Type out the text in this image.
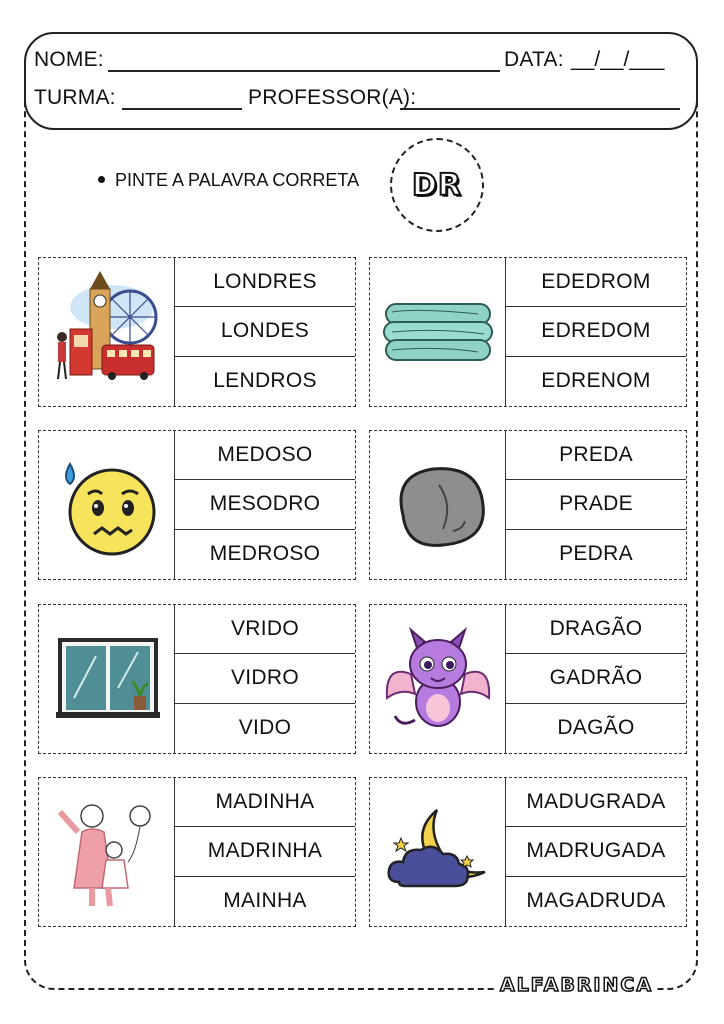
NOME:	DATA: __/__/___
TURMA:	PROFESSOR(A):
PINTE A PALAVRA CORRETA DR
LONDRES
LONDES
LENDROS
EDEDROM
EDREDOM
EDRENOM
MEDOSO
MESODRO
MEDROSO
PREDA
PRADE
PEDRA
VRIDO
VIDRO
VIDO
DRAGÃO
GADRÃO
DAGÃO
MADINHA
MADRINHA
MAINHA
MADUGRADA
MADRUGADA
MAGADRUDA
ALFABRINCA
